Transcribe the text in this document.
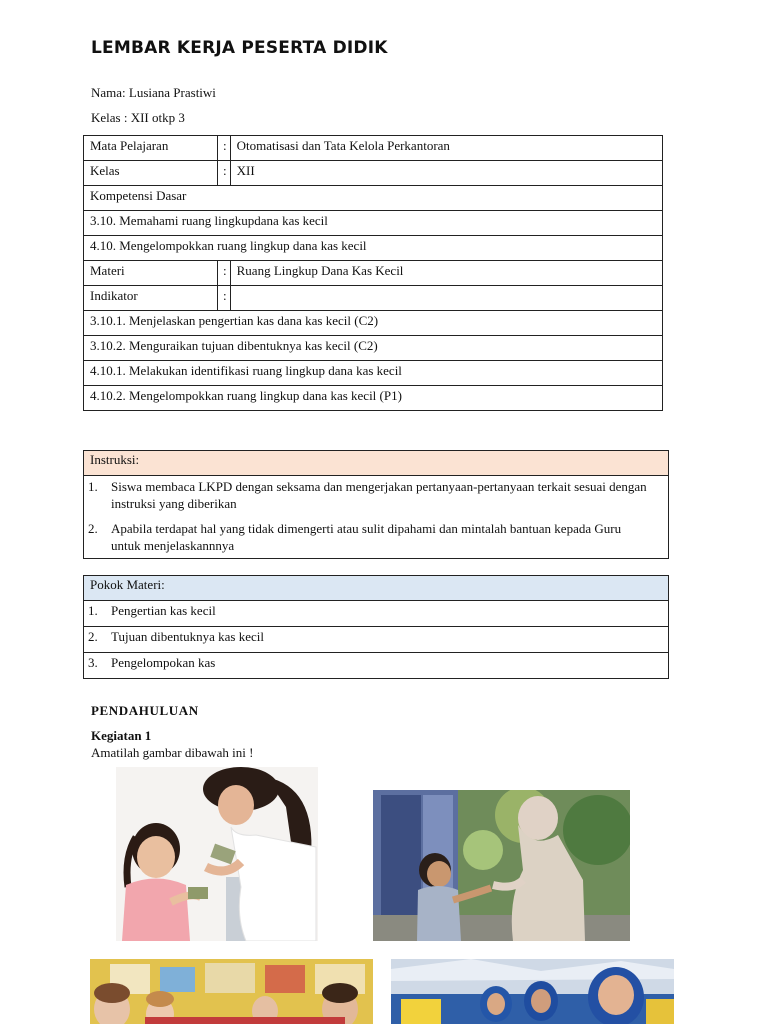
LEMBAR KERJA PESERTA DIDIK
Nama: Lusiana Prastiwi
Kelas : XII otkp 3
Mata Pelajaran	:	Otomatisasi dan Tata Kelola Perkantoran
Kelas	:	XII
Kompetensi Dasar		
3.10. Memahami ruang lingkupdana kas kecil		
4.10. Mengelompokkan ruang lingkup dana kas kecil		
Materi	:	Ruang Lingkup Dana Kas Kecil
Indikator	:	
3.10.1. Menjelaskan pengertian kas dana kas kecil (C2)		
3.10.2. Menguraikan tujuan dibentuknya kas kecil (C2)		
4.10.1. Melakukan identifikasi ruang lingkup dana kas kecil		
4.10.2. Mengelompokkan ruang lingkup dana kas kecil (P1)		
Instruksi:
1. Siswa membaca LKPD dengan seksama dan mengerjakan pertanyaan-pertanyaan terkait sesuai dengan instruksi yang diberikan
2. Apabila terdapat hal yang tidak dimengerti atau sulit dipahami dan mintalah bantuan kepada Guru untuk menjelaskannnya
Pokok Materi:
1. Pengertian kas kecil
2. Tujuan dibentuknya kas kecil
3. Pengelompokan kas
PENDAHULUAN
Kegiatan 1
Amatilah gambar dibawah ini !
